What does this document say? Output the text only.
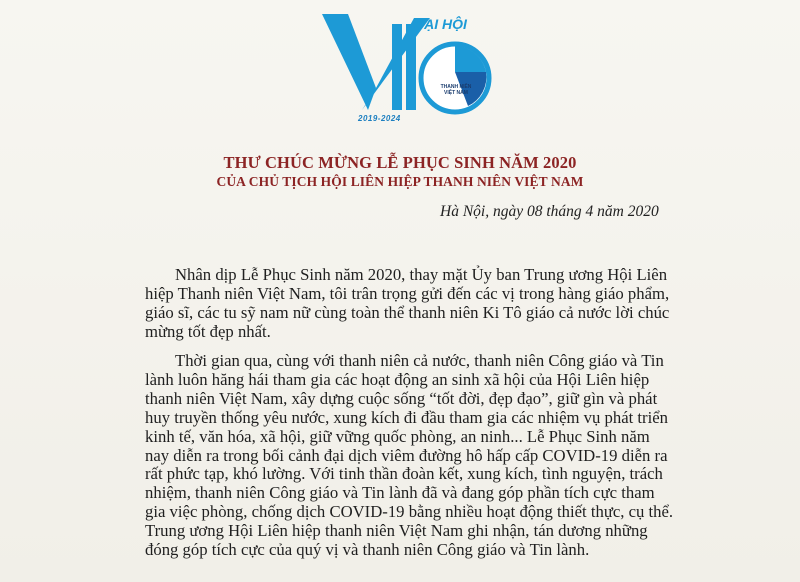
ĐẠI HỘI
2019-2024
THANH NIÊN
VIỆT NAM
THƯ CHÚC MỪNG LỄ PHỤC SINH NĂM 2020
CỦA CHỦ TỊCH HỘI LIÊN HIỆP THANH NIÊN VIỆT NAM
Hà Nội, ngày 08 tháng 4 năm 2020
Nhân dịp Lễ Phục Sinh năm 2020, thay mặt Ủy ban Trung ương Hội Liên
hiệp Thanh niên Việt Nam, tôi trân trọng gửi đến các vị trong hàng giáo phẩm,
giáo sĩ, các tu sỹ nam nữ cùng toàn thể thanh niên Ki Tô giáo cả nước lời chúc
mừng tốt đẹp nhất.
Thời gian qua, cùng với thanh niên cả nước, thanh niên Công giáo và Tin
lành luôn hăng hái tham gia các hoạt động an sinh xã hội của Hội Liên hiệp
thanh niên Việt Nam, xây dựng cuộc sống “tốt đời, đẹp đạo”, giữ gìn và phát
huy truyền thống yêu nước, xung kích đi đầu tham gia các nhiệm vụ phát triển
kinh tế, văn hóa, xã hội, giữ vững quốc phòng, an ninh... Lễ Phục Sinh năm
nay diễn ra trong bối cảnh đại dịch viêm đường hô hấp cấp COVID-19 diễn ra
rất phức tạp, khó lường. Với tinh thần đoàn kết, xung kích, tình nguyện, trách
nhiệm, thanh niên Công giáo và Tin lành đã và đang góp phần tích cực tham
gia việc phòng, chống dịch COVID-19 bằng nhiều hoạt động thiết thực, cụ thể.
Trung ương Hội Liên hiệp thanh niên Việt Nam ghi nhận, tán dương những
đóng góp tích cực của quý vị và thanh niên Công giáo và Tin lành.
